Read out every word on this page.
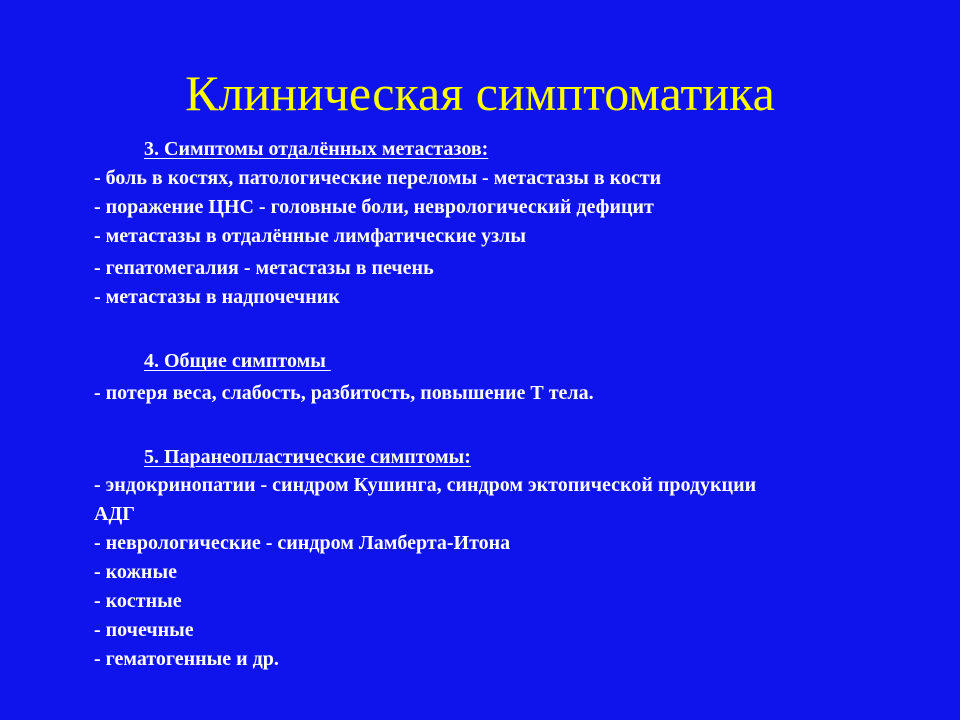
Клиническая симптоматика
3. Симптомы отдалённых метастазов:
- боль в костях, патологические переломы - метастазы в кости
- поражение ЦНС - головные боли, неврологический дефицит
- метастазы в отдалённые лимфатические узлы
- гепатомегалия - метастазы в печень
- метастазы в надпочечник
4. Общие симптомы
- потеря веса, слабость, разбитость, повышение Т тела.
5. Паранеопластические симптомы:
- эндокринопатии - синдром Кушинга, синдром эктопической продукции
АДГ
- неврологические - синдром Ламберта-Итона
- кожные
- костные
- почечные
- гематогенные и др.
